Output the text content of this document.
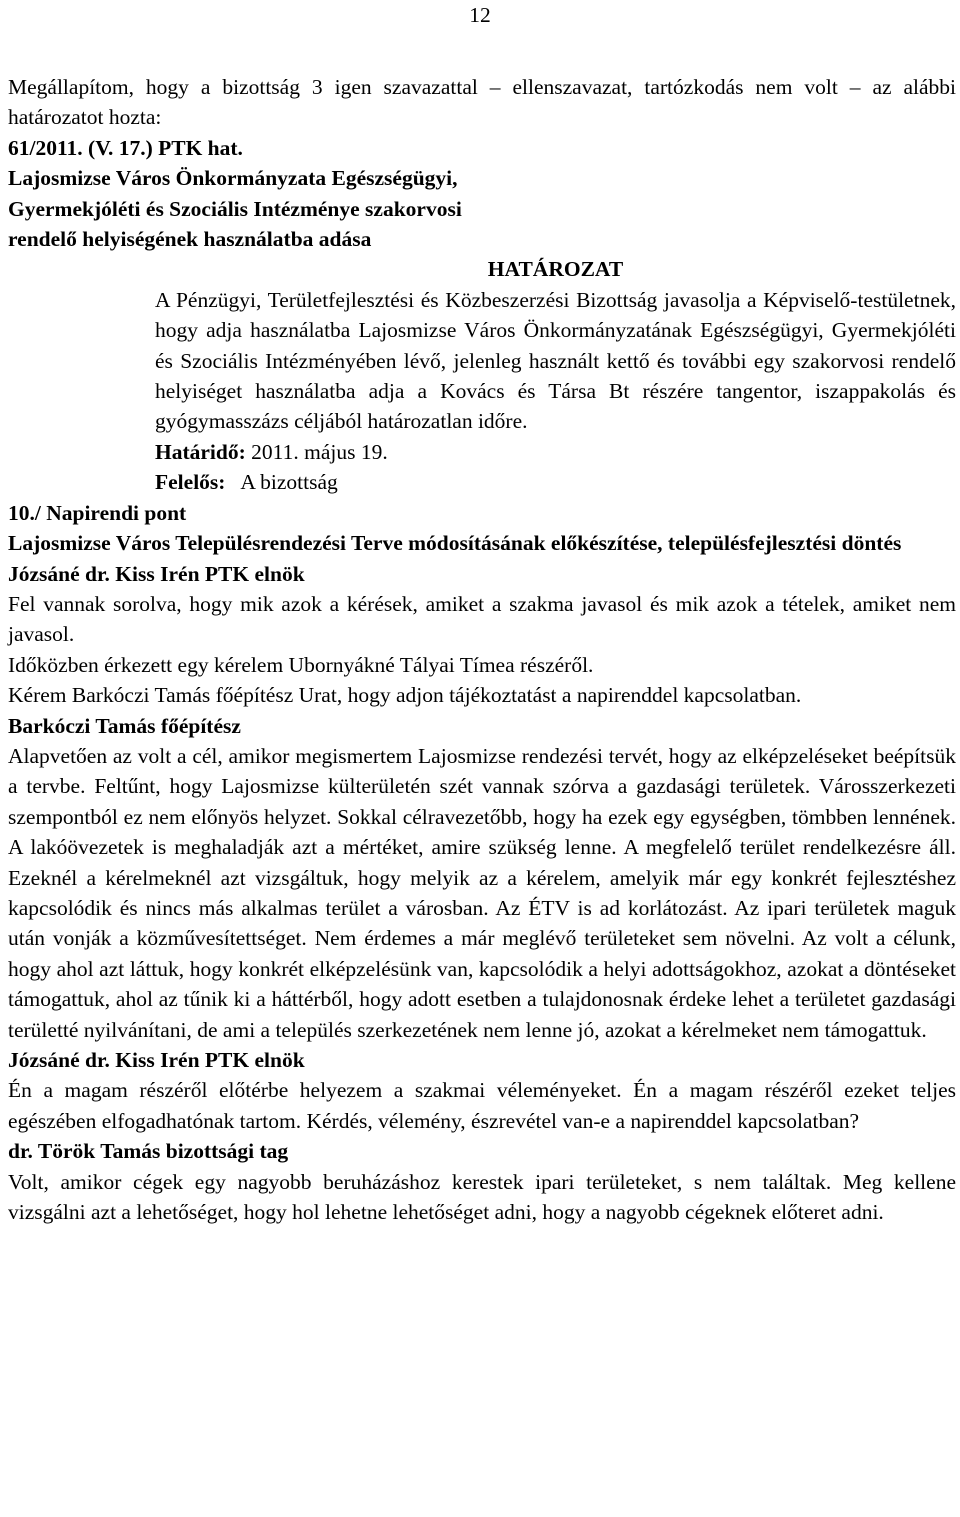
12

Megállapítom, hogy a bizottság 3 igen szavazattal – ellenszavazat, tartózkodás nem volt – az alábbi határozatot hozta:

61/2011. (V. 17.) PTK hat.

Lajosmizse Város Önkormányzata Egészségügyi,

Gyermekjóléti és Szociális Intézménye szakorvosi

rendelő helyiségének használatba adása

HATÁROZAT

A Pénzügyi, Területfejlesztési és Közbeszerzési Bizottság javasolja a Képviselő-testületnek, hogy adja használatba Lajosmizse Város Önkormányzatának Egészségügyi, Gyermekjóléti és Szociális Intézményében lévő, jelenleg használt kettő és további egy szakorvosi rendelő helyiséget használatba adja a Kovács és Társa Bt részére tangentor, iszappakolás és gyógymasszázs céljából határozatlan időre.

Határidő: 2011. május 19.

Felelős: A bizottság

10./ Napirendi pont

Lajosmizse Város Településrendezési Terve módosításának előkészítése, településfejlesztési döntés

Józsáné dr. Kiss Irén PTK elnök

Fel vannak sorolva, hogy mik azok a kérések, amiket a szakma javasol és mik azok a tételek, amiket nem javasol.

Időközben érkezett egy kérelem Ubornyákné Tályai Tímea részéről.

Kérem Barkóczi Tamás főépítész Urat, hogy adjon tájékoztatást a napirenddel kapcsolatban.

Barkóczi Tamás főépítész

Alapvetően az volt a cél, amikor megismertem Lajosmizse rendezési tervét, hogy az elképzeléseket beépítsük a tervbe. Feltűnt, hogy Lajosmizse külterületén szét vannak szórva a gazdasági területek. Városszerkezeti szempontból ez nem előnyös helyzet. Sokkal célravezetőbb, hogy ha ezek egy egységben, tömbben lennének. A lakóövezetek is meghaladják azt a mértéket, amire szükség lenne. A megfelelő terület rendelkezésre áll. Ezeknél a kérelmeknél azt vizsgáltuk, hogy melyik az a kérelem, amelyik már egy konkrét fejlesztéshez kapcsolódik és nincs más alkalmas terület a városban. Az ÉTV is ad korlátozást. Az ipari területek maguk után vonják a közművesítettséget. Nem érdemes a már meglévő területeket sem növelni. Az volt a célunk, hogy ahol azt láttuk, hogy konkrét elképzelésünk van, kapcsolódik a helyi adottságokhoz, azokat a döntéseket támogattuk, ahol az tűnik ki a háttérből, hogy adott esetben a tulajdonosnak érdeke lehet a területet gazdasági területté nyilvánítani, de ami a település szerkezetének nem lenne jó, azokat a kérelmeket nem támogattuk.

Józsáné dr. Kiss Irén PTK elnök

Én a magam részéről előtérbe helyezem a szakmai véleményeket. Én a magam részéről ezeket teljes egészében elfogadhatónak tartom. Kérdés, vélemény, észrevétel van-e a napirenddel kapcsolatban?

dr. Török Tamás bizottsági tag

Volt, amikor cégek egy nagyobb beruházáshoz kerestek ipari területeket, s nem találtak. Meg kellene vizsgálni azt a lehetőséget, hogy hol lehetne lehetőséget adni, hogy a nagyobb cégeknek előteret adni.
